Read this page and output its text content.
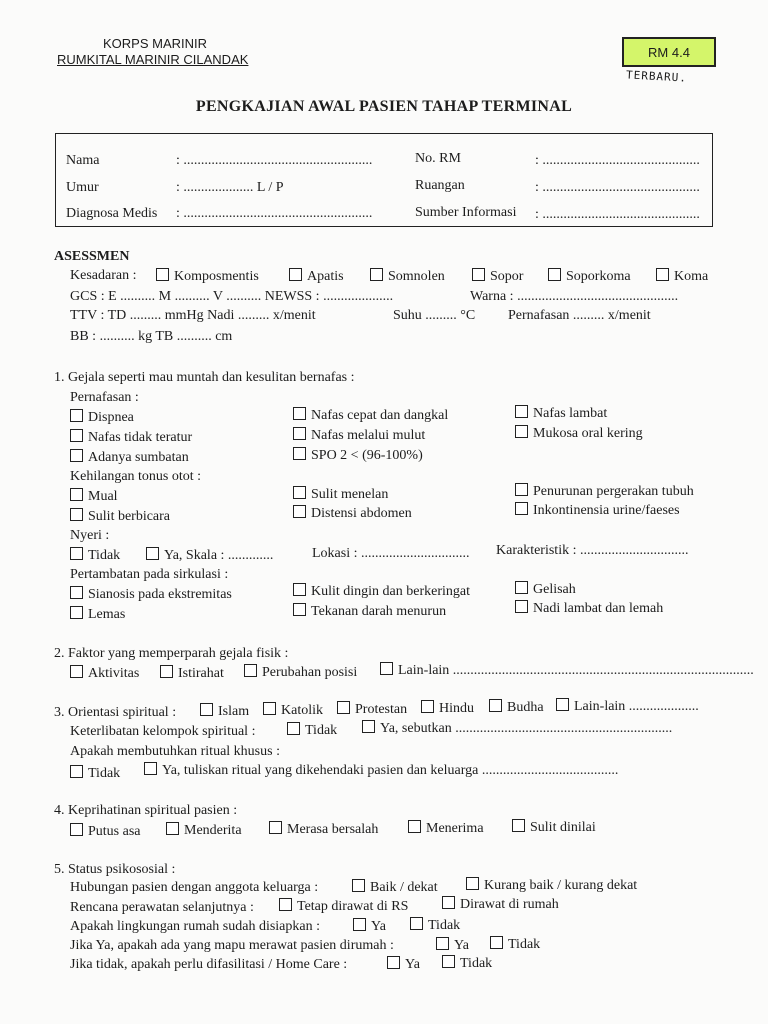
KORPS MARINIR
RUMKITAL MARINIR CILANDAK	RM 4.4
TERBARU.
PENGKAJIAN AWAL PASIEN TAHAP TERMINAL
Nama	: ......................................................
Umur	: .................... L / P
Diagnosa Medis : ......................................................
No. RM	: .............................................
Ruangan	: .............................................
Sumber Informasi : .............................................
ASESSMEN
Kesadaran :	Komposmentis	Apatis	Somnolen	Sopor	Soporkoma	Koma
GCS : E .......... M .......... V .......... NEWSS : ....................	Warna : ..............................................
TTV : TD ......... mmHg Nadi ......... x/menit	Suhu ......... °C Pernafasan ......... x/menit
BB : .......... kg TB .......... cm
1. Gejala seperti mau muntah dan kesulitan bernafas :
Pernafasan :
Dispnea
Nafas tidak teratur
Adanya sumbatan
Nafas cepat dan dangkal
Nafas melalui mulut
SPO 2 < (96-100%)
Nafas lambat
Mukosa oral kering
Kehilangan tonus otot :
Mual
Sulit berbicara
Sulit menelan
Distensi abdomen
Penurunan pergerakan tubuh
Inkontinensia urine/faeses
Nyeri :
Tidak	Ya, Skala : .............	Lokasi : ............................... Karakteristik : ...............................
Pertambatan pada sirkulasi :
Sianosis pada ekstremitas
Lemas
Kulit dingin dan berkeringat
Tekanan darah menurun
Gelisah
Nadi lambat dan lemah
2. Faktor yang memperparah gejala fisik :
Aktivitas	Istirahat	Perubahan posisi	Lain-lain ......................................................................................
3. Orientasi spiritual :	Islam	Katolik	Protestan	Hindu	Budha	Lain-lain ....................
Keterlibatan kelompok spiritual :	Tidak	Ya, sebutkan ..............................................................
Apakah membutuhkan ritual khusus :
Tidak	Ya, tuliskan ritual yang dikehendaki pasien dan keluarga .......................................
4. Keprihatinan spiritual pasien :
Putus asa	Menderita	Merasa bersalah	Menerima	Sulit dinilai
5. Status psikososial :
Hubungan pasien dengan anggota keluarga :	Baik / dekat	Kurang baik / kurang dekat
Rencana perawatan selanjutnya :	Tetap dirawat di RS	Dirawat di rumah
Apakah lingkungan rumah sudah disiapkan :	Ya	Tidak
Jika Ya, apakah ada yang mapu merawat pasien dirumah :	Ya	Tidak
Jika tidak, apakah perlu difasilitasi / Home Care :	Ya	Tidak
